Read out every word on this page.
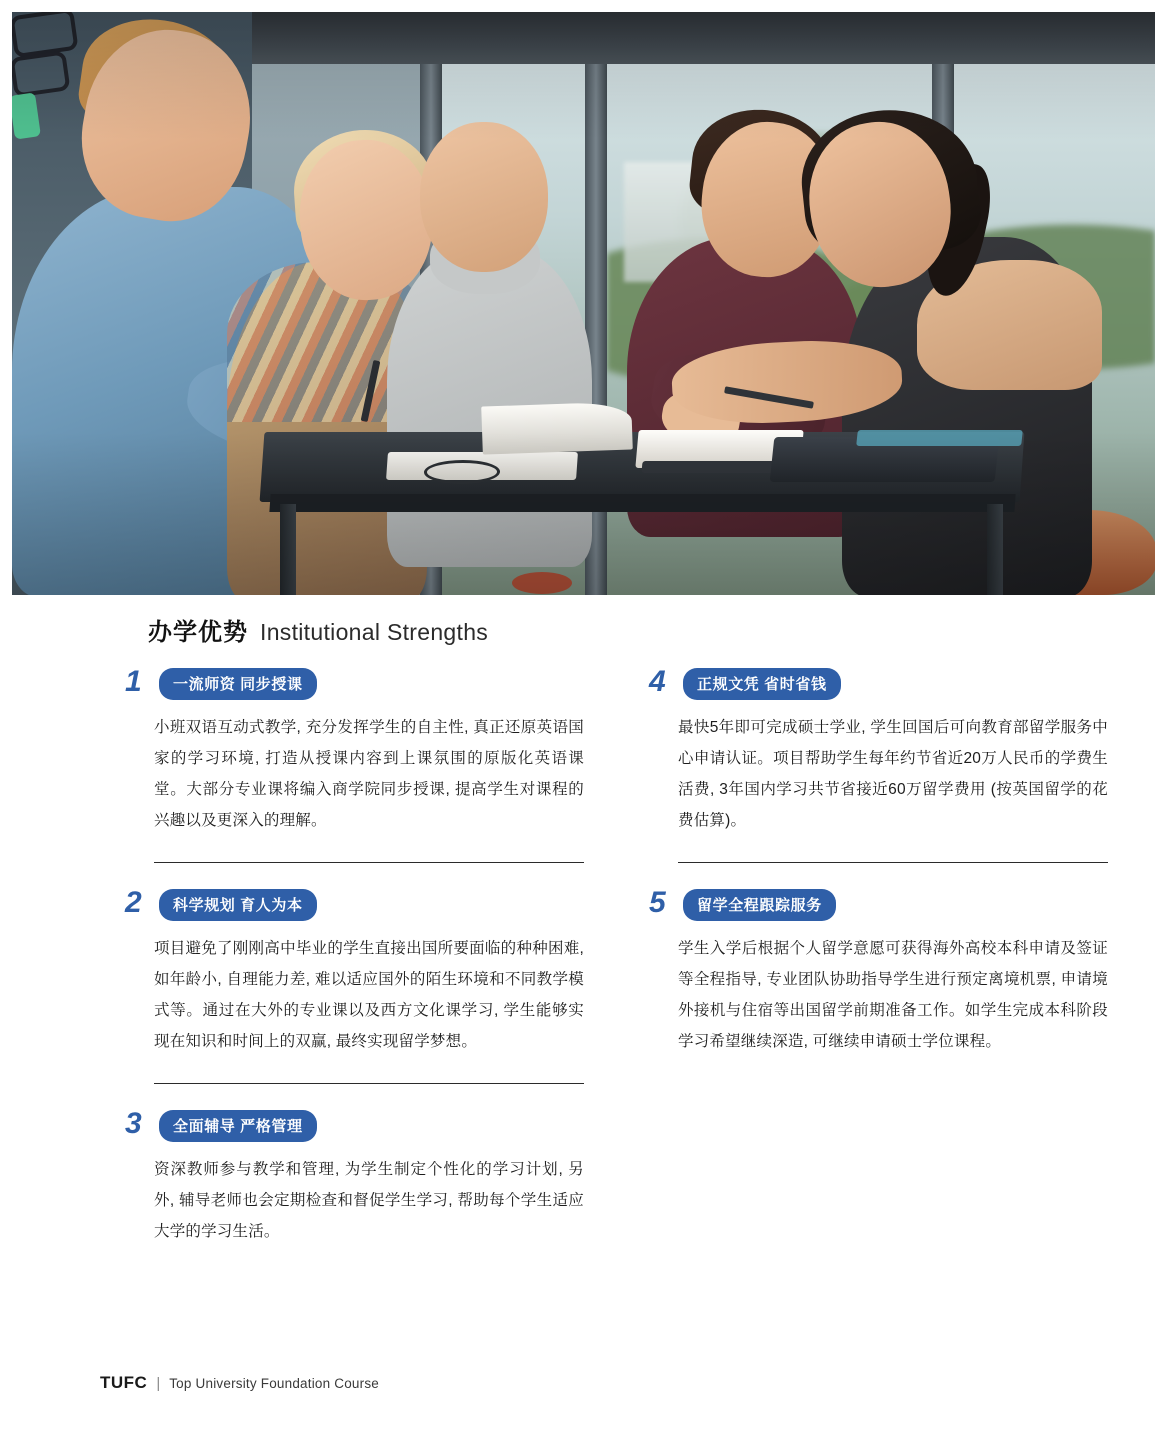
办学优势 Institutional Strengths
1	一流师资 同步授课

小班双语互动式教学, 充分发挥学生的自主性, 真正还原英语国家的学习环境, 打造从授课内容到上课氛围的原版化英语课堂。大部分专业课将编入商学院同步授课, 提高学生对课程的兴趣以及更深入的理解。

2	科学规划 育人为本

项目避免了刚刚高中毕业的学生直接出国所要面临的种种困难, 如年龄小, 自理能力差, 难以适应国外的陌生环境和不同教学模式等。通过在大外的专业课以及西方文化课学习, 学生能够实现在知识和时间上的双赢, 最终实现留学梦想。

3	全面辅导 严格管理

资深教师参与教学和管理, 为学生制定个性化的学习计划, 另外, 辅导老师也会定期检查和督促学生学习, 帮助每个学生适应大学的学习生活。

4	正规文凭 省时省钱

最快5年即可完成硕士学业, 学生回国后可向教育部留学服务中心申请认证。项目帮助学生每年约节省近20万人民币的学费生活费, 3年国内学习共节省接近60万留学费用 (按英国留学的花费估算)。

5	留学全程跟踪服务

学生入学后根据个人留学意愿可获得海外高校本科申请及签证等全程指导, 专业团队协助指导学生进行预定离境机票, 申请境外接机与住宿等出国留学前期准备工作。如学生完成本科阶段学习希望继续深造, 可继续申请硕士学位课程。

TUFC | Top University Foundation Course
